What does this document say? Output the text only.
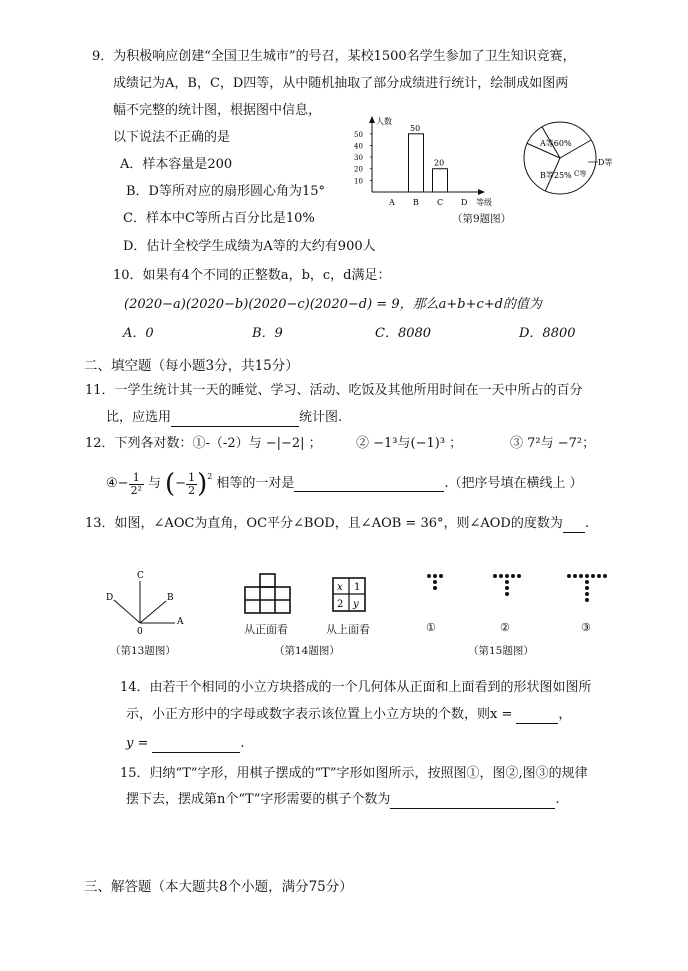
9．为积极响应创建“全国卫生城市”的号召，某校1500名学生参加了卫生知识竞赛，
成绩记为A，B，C，D四等，从中随机抽取了部分成绩进行统计，绘制成如图两
幅不完整的统计图，根据图中信息，
以下说法不正确的是
A．样本容量是200
B．D等所对应的扇形圆心角为15°
C．样本中C等所占百分比是10%
D．估计全校学生成绩为A等的大约有900人
人数
等级
10
20
30
40
50
A B
50
C
20
D
（第9题图）
A等60%
B等25% C等
D等
10．如果有4个不同的正整数a，b，c，d满足：
(2020−a)(2020−b)(2020−c)(2020−d) = 9，那么a+b+c+d的值为
A．0	B．9	C．8080	D．8800
二、填空题（每小题3分，共15分）
11．一学生统计其一天的睡觉、学习、活动、吃饭及其他所用时间在一天中所占的百分
比，应选用	统计图.
12．下列各对数：①-（-2）与 −|−2| ；	② −1³与(−1)³ ；	③ 7²与 −7²；
④ − $\frac{1}{\text{2²}}$ 与 ( − $\frac{1}{2}$ ) 2 相等的一对是	.（把序号填在横线上 ）
13．如图，∠AOC为直角，OC平分∠BOD，且∠AOB = 36°，则∠AOD的度数为 .
C
D	B
A
0
（第13题图）
从正面看
x 1
2 y
从上面看
（第14题图）
①	②	③
（第15题图）
14．由若干个相同的小立方块搭成的一个几何体从正面和上面看到的形状图如图所
示，小正方形中的字母或数字表示该位置上小立方块的个数，则x =	，
y =	.
15．归纳“T”字形，用棋子摆成的“T”字形如图所示，按照图①，图②,图③的规律
摆下去，摆成第n个“T”字形需要的棋子个数为	.
三、解答题（本大题共8个小题，满分75分）
